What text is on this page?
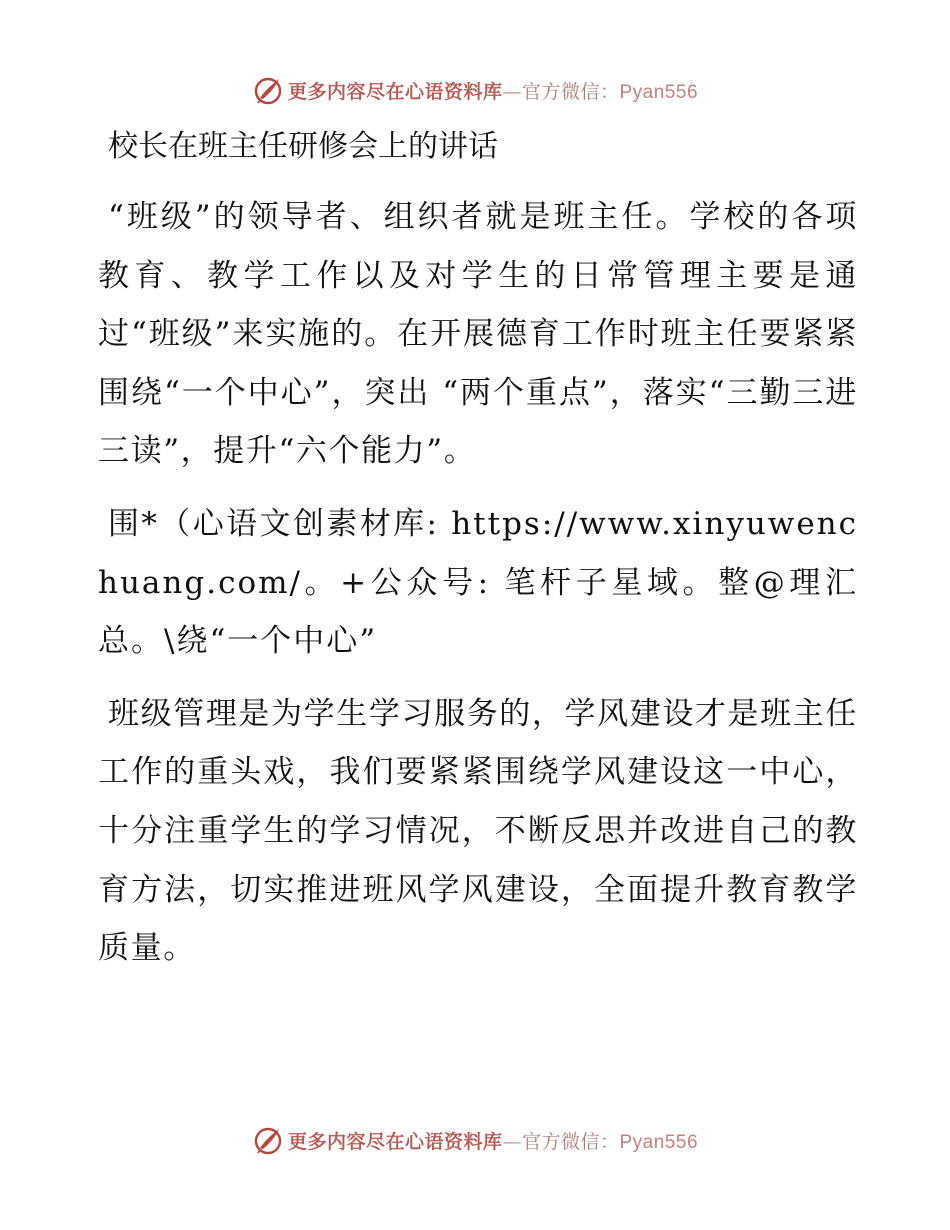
更多内容尽在心语资料库—官方微信：Pyan556
校长在班主任研修会上的讲话

“班级”的领导者、组织者就是班主任。学校的各项教育、教学工作以及对学生的日常管理主要是通过“班级”来实施的。在开展德育工作时班主任要紧紧围绕“一个中心”，突出 “两个重点”，落实“三勤三进三读”，提升“六个能力”。

围*（心语文创素材库: https://www.xinyuwenchuang.com/。+公众号: 笔杆子星域。整@理汇总。\绕“一个中心”

班级管理是为学生学习服务的，学风建设才是班主任工作的重头戏，我们要紧紧围绕学风建设这一中心，十分注重学生的学习情况，不断反思并改进自己的教育方法，切实推进班风学风建设，全面提升教育教学质量。

更多内容尽在心语资料库—官方微信：Pyan556
